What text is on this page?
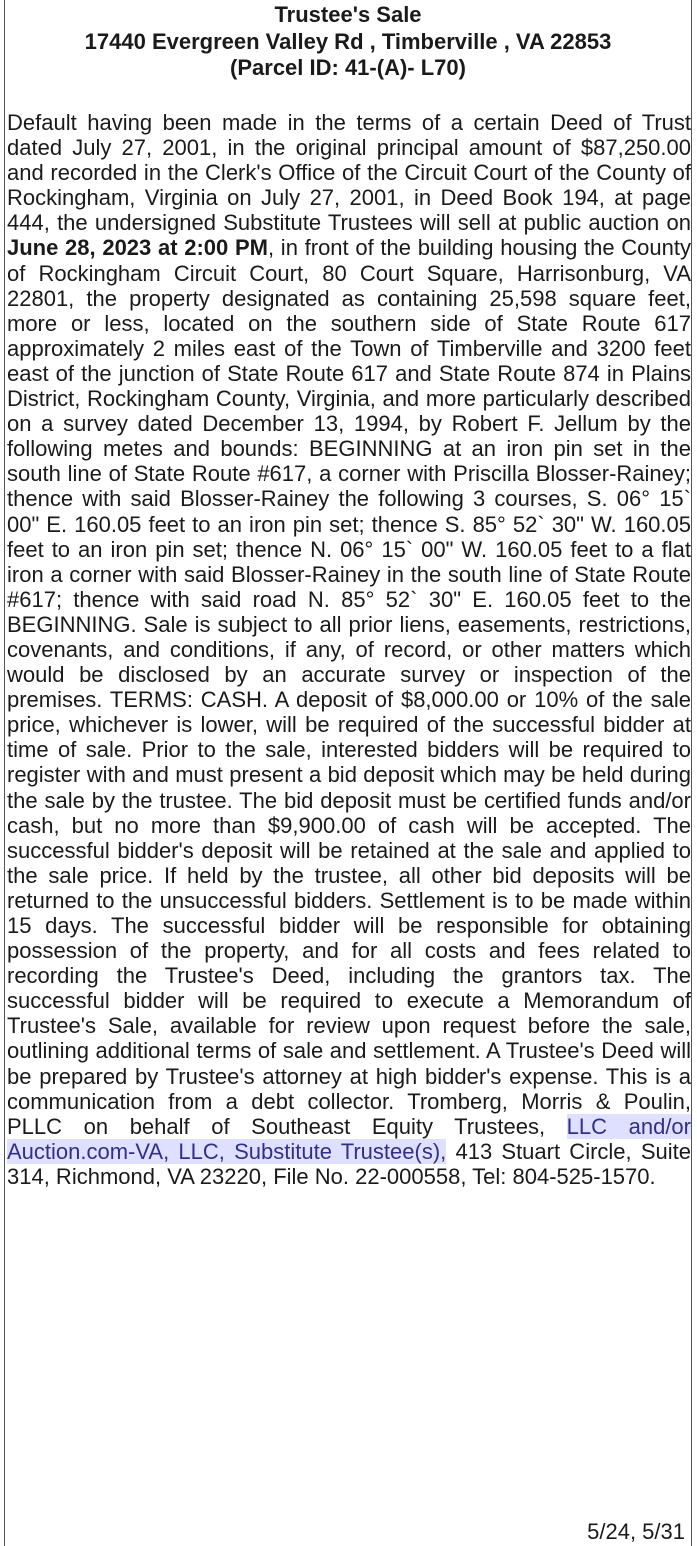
Trustee's Sale
17440 Evergreen Valley Rd , Timberville , VA 22853
(Parcel ID: 41-(A)- L70)
Default having been made in the terms of a certain Deed of Trust dated July 27, 2001, in the original principal amount of $87,250.00 and recorded in the Clerk's Office of the Circuit Court of the County of Rockingham, Virginia on July 27, 2001, in Deed Book 194, at page 444, the undersigned Substitute Trustees will sell at public auction on June 28, 2023 at 2:00 PM, in front of the building housing the County of Rockingham Circuit Court, 80 Court Square, Harrisonburg, VA 22801, the property designated as containing 25,598 square feet, more or less, located on the southern side of State Route 617 approximately 2 miles east of the Town of Timberville and 3200 feet east of the junction of State Route 617 and State Route 874 in Plains District, Rockingham County, Virginia, and more particularly described on a survey dated December 13, 1994, by Robert F. Jellum by the following metes and bounds: BEGINNING at an iron pin set in the south line of State Route #617, a corner with Priscilla Blosser-Rainey; thence with said Blosser-Rainey the following 3 courses, S. 06° 15` 00" E. 160.05 feet to an iron pin set; thence S. 85° 52` 30" W. 160.05 feet to an iron pin set; thence N. 06° 15` 00" W. 160.05 feet to a flat iron a corner with said Blosser-Rainey in the south line of State Route #617; thence with said road N. 85° 52` 30" E. 160.05 feet to the BEGINNING. Sale is subject to all prior liens, easements, restrictions, covenants, and conditions, if any, of record, or other matters which would be disclosed by an accurate survey or inspection of the premises. TERMS: CASH. A deposit of $8,000.00 or 10% of the sale price, whichever is lower, will be required of the successful bidder at time of sale. Prior to the sale, interested bidders will be required to register with and must present a bid deposit which may be held during the sale by the trustee. The bid deposit must be certified funds and/or cash, but no more than $9,900.00 of cash will be accepted. The successful bidder's deposit will be retained at the sale and applied to the sale price. If held by the trustee, all other bid deposits will be returned to the unsuccessful bidders. Settlement is to be made within 15 days. The successful bidder will be responsible for obtaining possession of the property, and for all costs and fees related to recording the Trustee's Deed, including the grantors tax. The successful bidder will be required to execute a Memorandum of Trustee's Sale, available for review upon request before the sale, outlining additional terms of sale and settlement. A Trustee's Deed will be prepared by Trustee's attorney at high bidder's expense. This is a communication from a debt collector. Tromberg, Morris & Poulin, PLLC on behalf of Southeast Equity Trustees, LLC and/or Auction.com-VA, LLC, Substitute Trustee(s), 413 Stuart Circle, Suite 314, Richmond, VA 23220, File No. 22-000558, Tel: 804-525-1570.
5/24, 5/31
